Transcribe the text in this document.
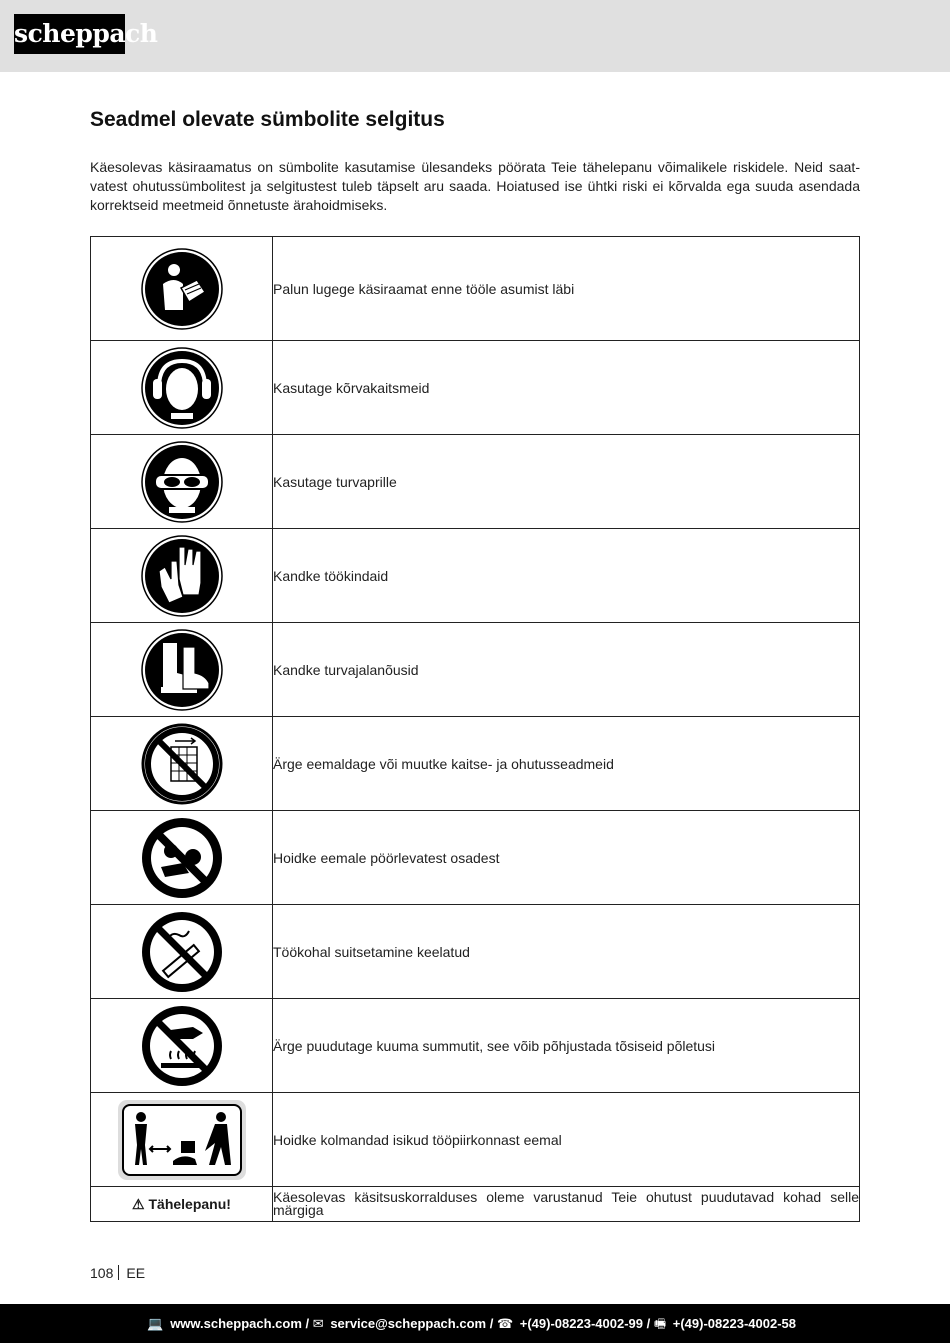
scheppach
Seadmel olevate sümbolite selgitus

Käesolevas käsiraamatus on sümbolite kasutamise ülesandeks pöörata Teie tähelepanu võimalikele riskidele. Neid saatvatest ohutussümbolitest ja selgitustest tuleb täpselt aru saada. Hoiatused ise ühtki riski ei kõrvalda ega suuda asendada korrektseid meetmeid õnnetuste ärahoidmiseks.

	Palun lugege käsiraamat enne tööle asumist läbi

	Kasutage kõrvakaitsmeid

	Kasutage turvaprille

	Kandke töökindaid

	Kandke turvajalanõusid

	Ärge eemaldage või muutke kaitse- ja ohutusseadmeid

	Hoidke eemale pöörlevatest osadest

	Töökohal suitsetamine keelatud

	Ärge puudutage kuuma summutit, see võib põhjustada tõsiseid põletusi

	Hoidke kolmandad isikud tööpiirkonnast eemal
⚠ Tähelepanu!	Käesolevas käsitsuskorralduses oleme varustanud Teie ohutust puudutavad kohad selle märgiga
108 EE
💻 www.scheppach.com / ✉ service@scheppach.com / ☎ +(49)-08223-4002-99 / 🖷 +(49)-08223-4002-58
